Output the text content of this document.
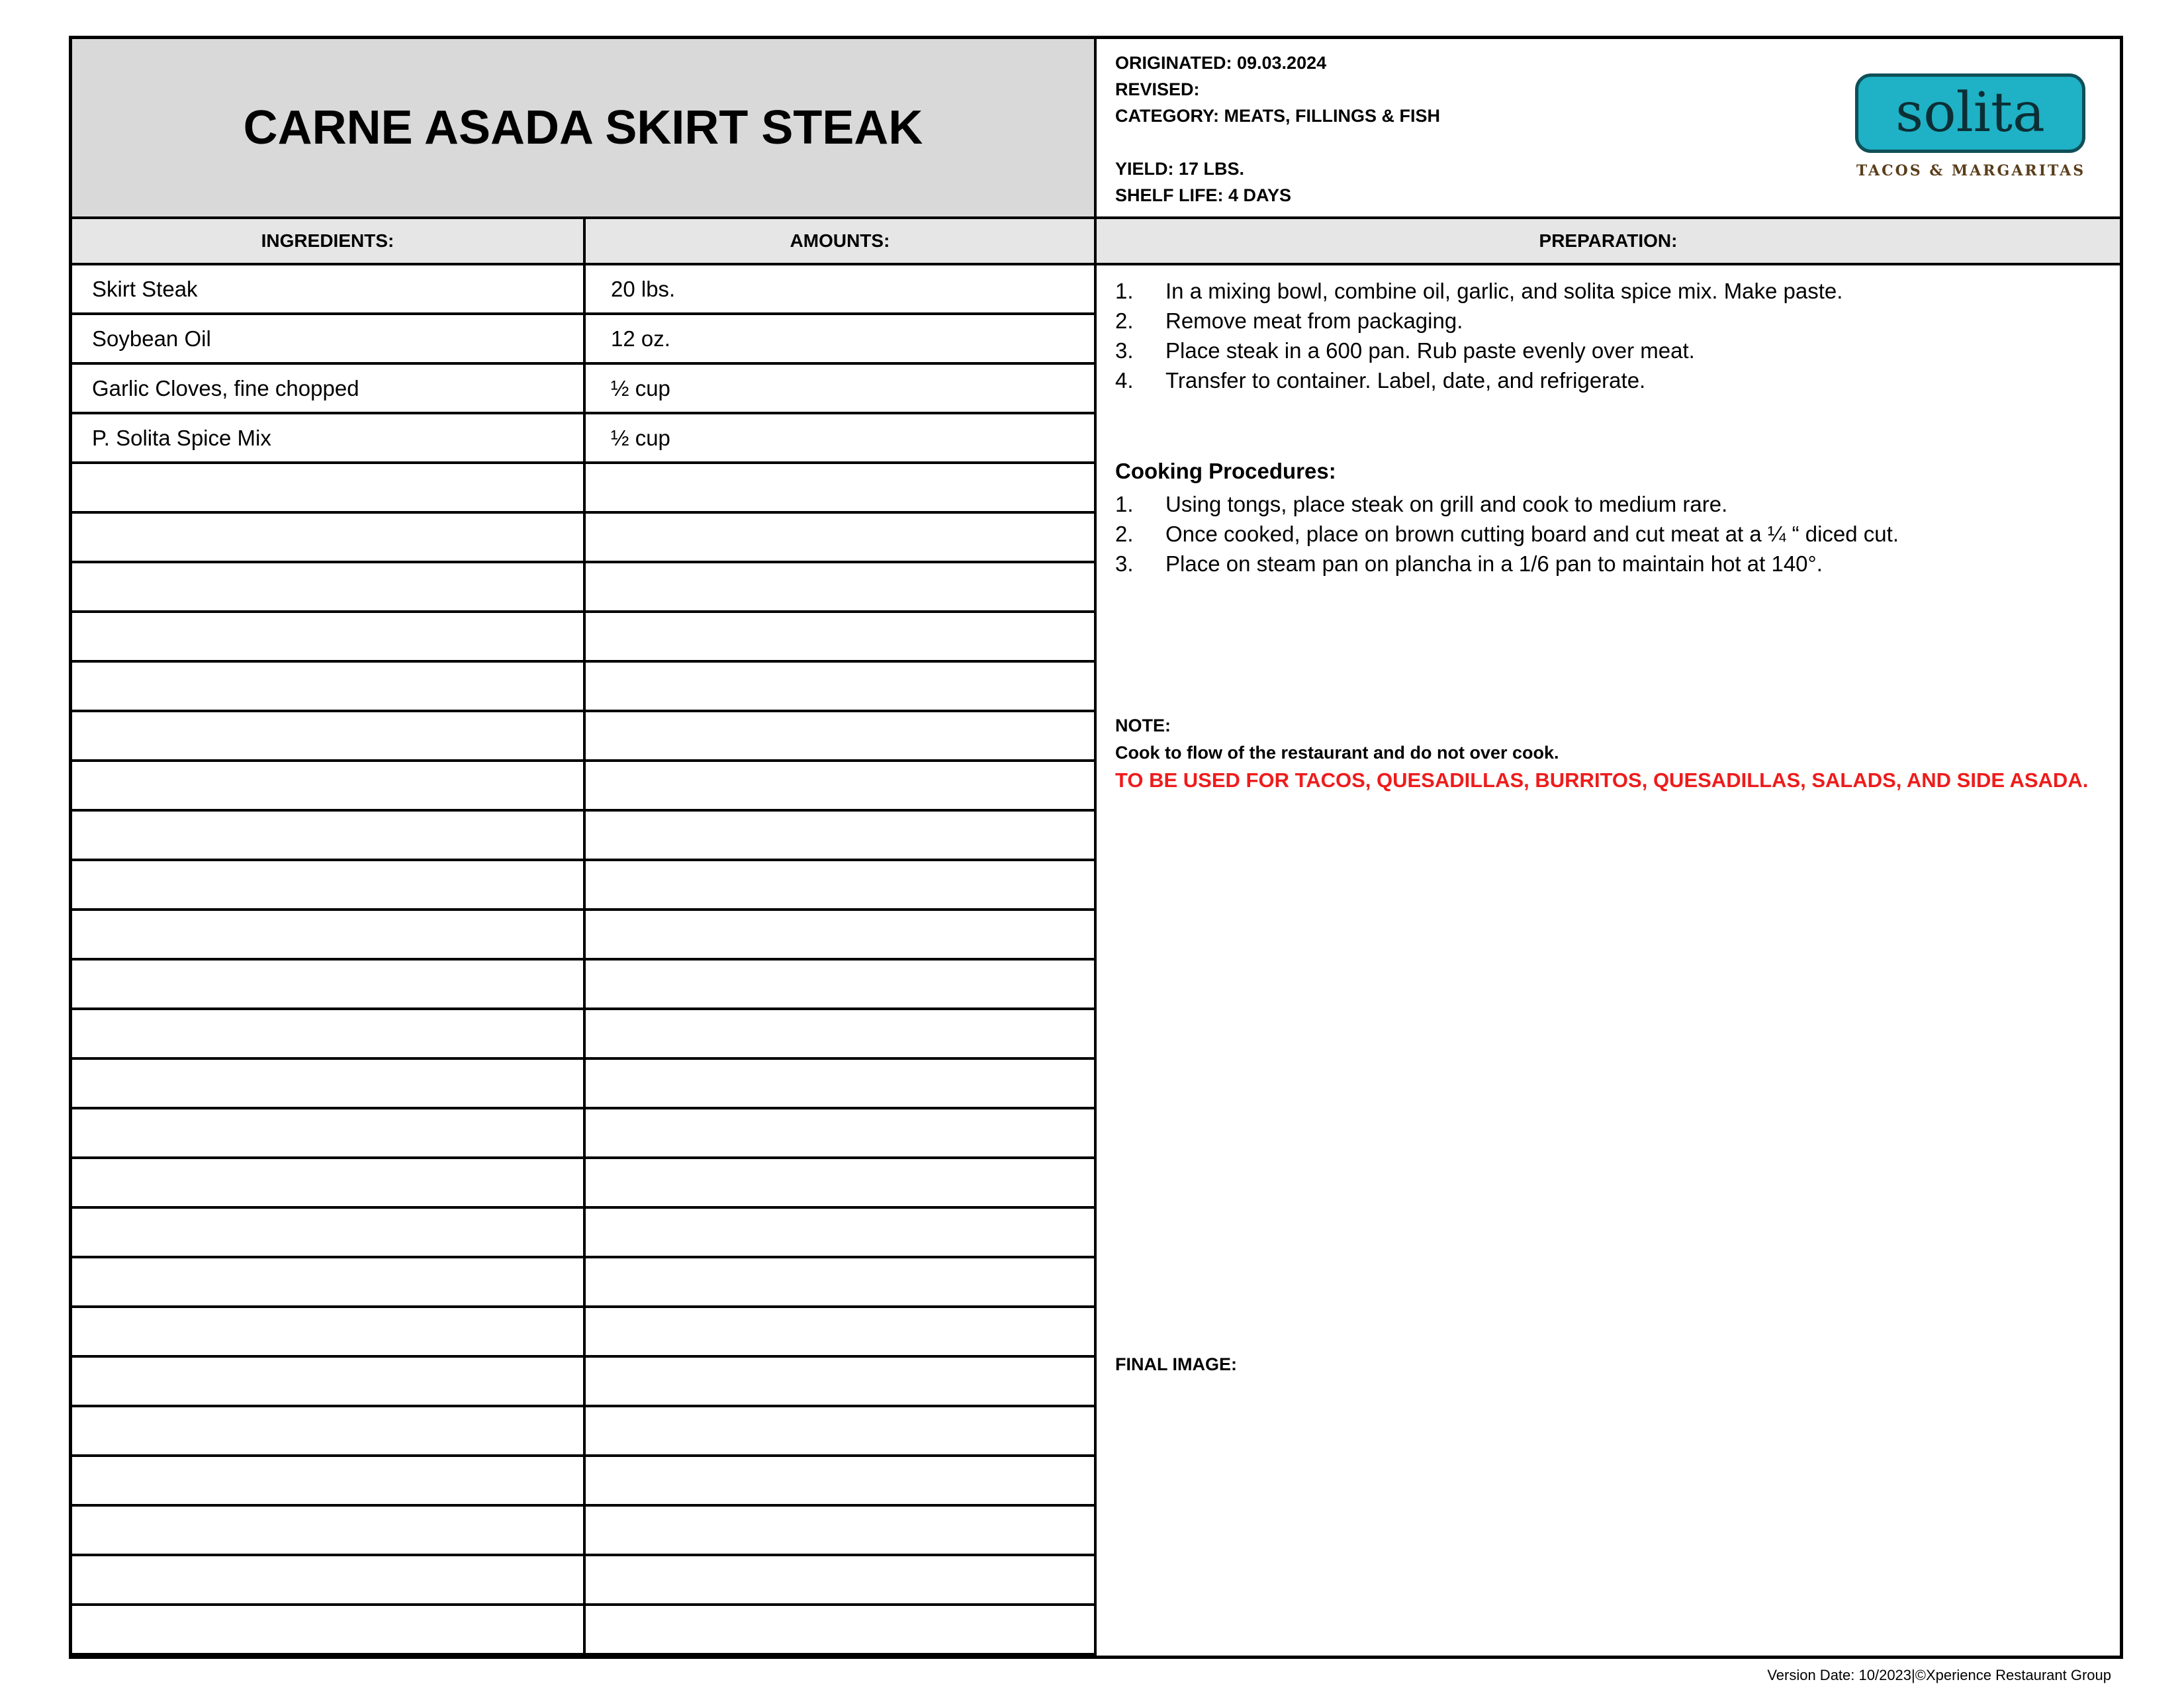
CARNE ASADA SKIRT STEAK
ORIGINATED: 09.03.2024
REVISED:
CATEGORY: MEATS, FILLINGS & FISH
YIELD: 17 LBS.
SHELF LIFE: 4 DAYS
solita
TACOS & MARGARITAS
INGREDIENTS:	AMOUNTS:	PREPARATION:
Skirt Steak	20 lbs.
Soybean Oil	12 oz.
Garlic Cloves, fine chopped	½ cup
P. Solita Spice Mix	½ cup
1.	In a mixing bowl, combine oil, garlic, and solita spice mix. Make paste.
2.	Remove meat from packaging.
3.	Place steak in a 600 pan. Rub paste evenly over meat.
4.	Transfer to container. Label, date, and refrigerate.
Cooking Procedures:
1.	Using tongs, place steak on grill and cook to medium rare.
2.	Once cooked, place on brown cutting board and cut meat at a ¼ “ diced cut.
3.	Place on steam pan on plancha in a 1/6 pan to maintain hot at 140°.
NOTE:
Cook to flow of the restaurant and do not over cook.
TO BE USED FOR TACOS, QUESADILLAS, BURRITOS, QUESADILLAS, SALADS, AND SIDE ASADA.
FINAL IMAGE:
Version Date: 10/2023|©Xperience Restaurant Group
